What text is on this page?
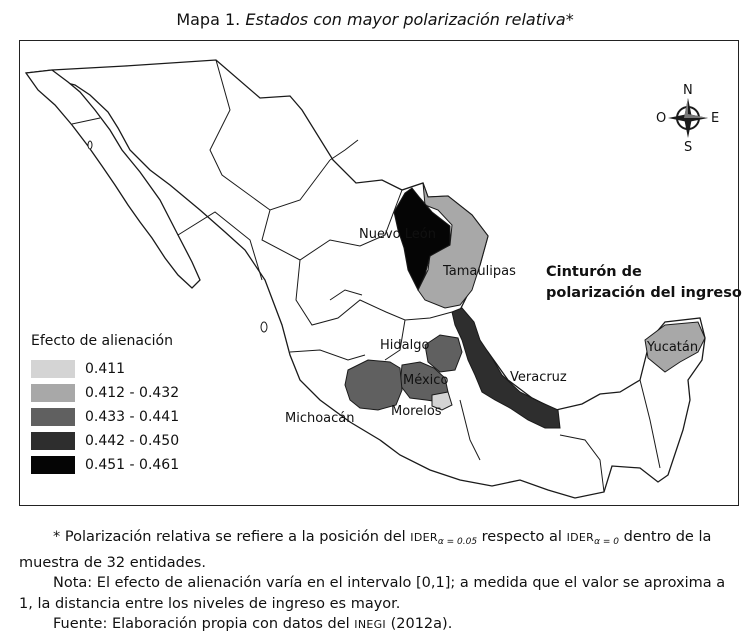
Mapa 1. Estados con mayor polarización relativa*
N
S
E
O
Nuevo León
Tamaulipas
Yucatán
Hidalgo
México	Veracruz
Michoacán	Morelos
Cinturón de
polarización del ingreso
Efecto de alienación
0.411
0.412 - 0.432
0.433 - 0.441
0.442 - 0.450
0.451 - 0.461

* Polarización relativa se refiere a la posición del $IDER_{\alpha = 0.05}$ respecto al $IDER_{\alpha = 0}$ dentro de la muestra de 32 entidades.

Nota: El efecto de alienación varía en el intervalo [0,1]; a medida que el valor se aproxima a 1, la distancia entre los niveles de ingreso es mayor.

Fuente: Elaboración propia con datos del INEGI (2012a).
